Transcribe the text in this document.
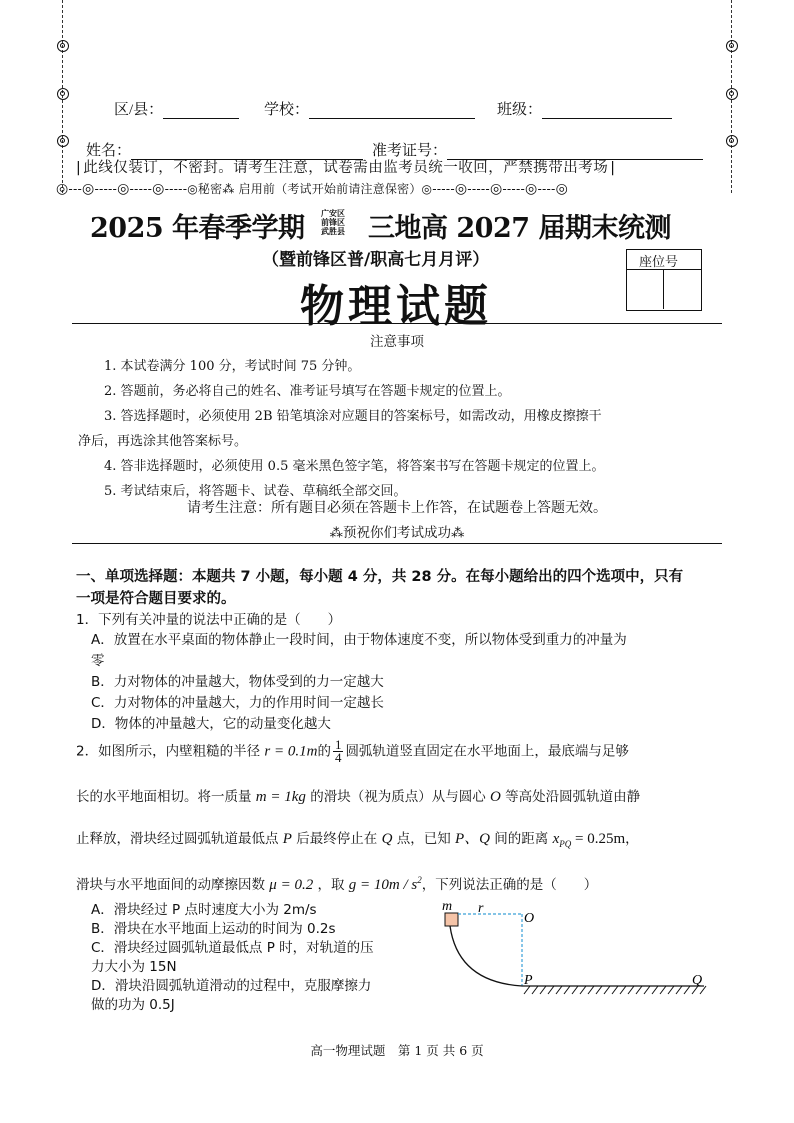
区/县：	学校：	班级：
姓名：	准考证号：
|此线仅装订，不密封。请考生注意，试卷需由监考员统一收回，严禁携带出考场|
◎---◎-----◎-----◎-----◎秘密⁂ 启用前（考试开始前请注意保密）◎-----◎-----◎-----◎----◎
2025 年春季学期 广安区
前锋区
武胜县 三地高 2027 届期末统测
（暨前锋区普/职高七月月评）
物理试题
座位号
注意事项

1. 本试卷满分 100 分，考试时间 75 分钟。

2. 答题前，务必将自己的姓名、准考证号填写在答题卡规定的位置上。

3. 答选择题时，必须使用 2B 铅笔填涂对应题目的答案标号，如需改动，用橡皮擦擦干

净后，再选涂其他答案标号。

4. 答非选择题时，必须使用 0.5 毫米黑色签字笔，将答案书写在答题卡规定的位置上。

5. 考试结束后，将答题卡、试卷、草稿纸全部交回。

请考生注意：所有题目必须在答题卡上作答，在试题卷上答题无效。
⁂预祝你们考试成功⁂
一、单项选择题：本题共 7 小题，每小题 4 分，共 28 分。在每小题给出的四个选项中，只有
一项是符合题目要求的。
1．下列有关冲量的说法中正确的是（　　）
A．放置在水平桌面的物体静止一段时间，由于物体速度不变，所以物体受到重力的冲量为
零
B．力对物体的冲量越大，物体受到的力一定越大
C．力对物体的冲量越大，力的作用时间一定越长
D．物体的冲量越大，它的动量变化越大
2．如图所示，内壁粗糙的半径 r = 0.1m的 $\frac{1}{4}$ 圆弧轨道竖直固定在水平地面上，最底端与足够
长的水平地面相切。将一质量 m = 1kg 的滑块（视为质点）从与圆心 O 等高处沿圆弧轨道由静
止释放，滑块经过圆弧轨道最低点 P 后最终停止在 Q 点，已知 P、Q 间的距离 $x_{PQ} = 0.25m$，
滑块与水平地面间的动摩擦因数 μ = 0.2 ，取 $g = 10m / s^2$，下列说法正确的是（　　）
A．滑块经过 P 点时速度大小为 2m/s
B．滑块在水平地面上运动的时间为 0.2s
C．滑块经过圆弧轨道最低点 P 时，对轨道的压
力大小为 15N
D．滑块沿圆弧轨道滑动的过程中，克服摩擦力
做的功为 0.5J
m r
O
P	Q
高一物理试题　第 1 页 共 6 页
